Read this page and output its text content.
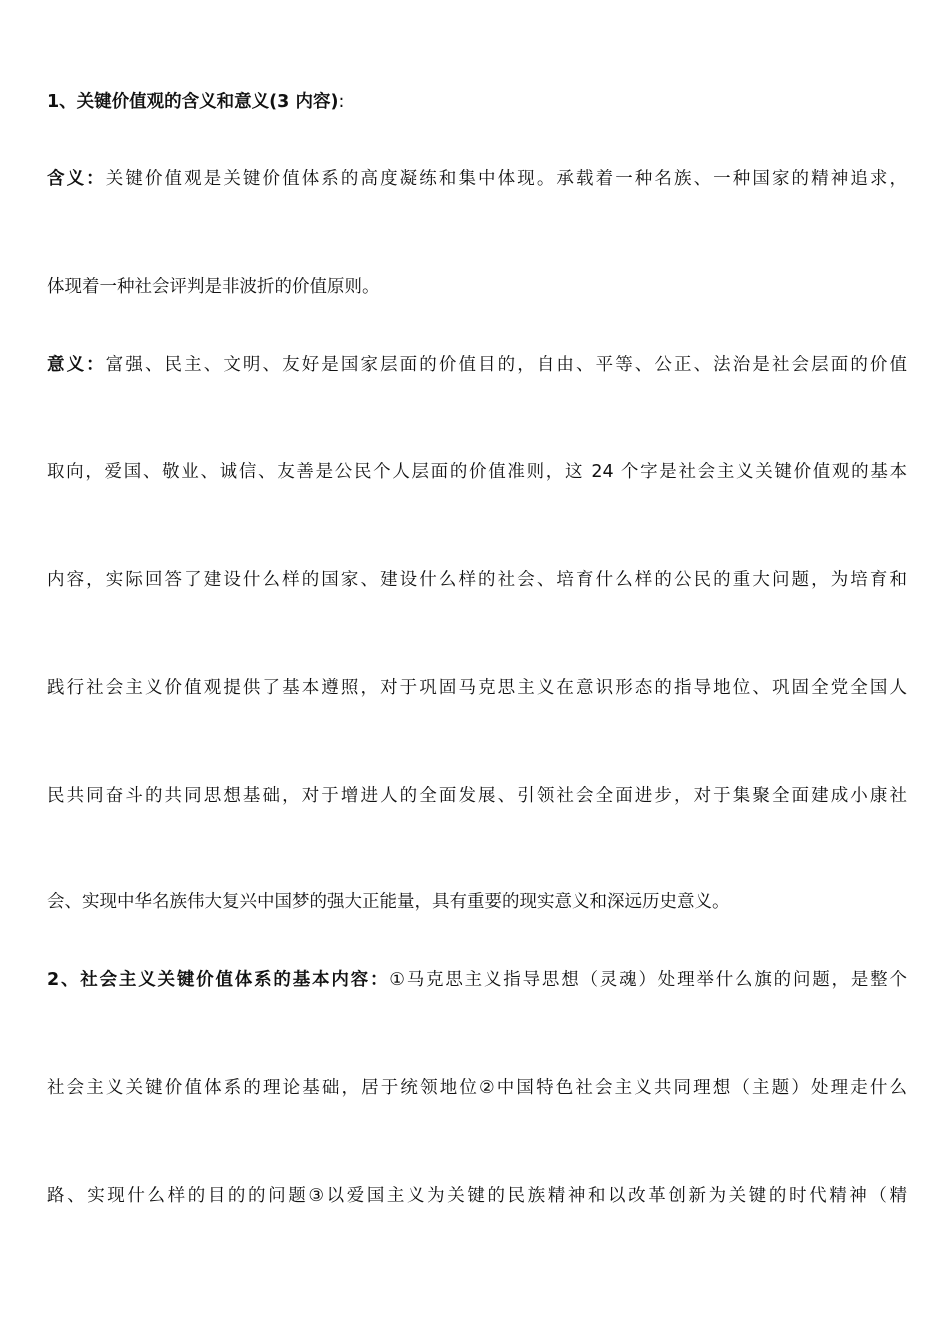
1、关键价值观的含义和意义(3 内容):
含义：关键价值观是关键价值体系的高度凝练和集中体现。承载着一种名族、一种国家的精神追求，
体现着一种社会评判是非波折的价值原则。
意义：富强、民主、文明、友好是国家层面的价值目的，自由、平等、公正、法治是社会层面的价值
取向，爱国、敬业、诚信、友善是公民个人层面的价值准则，这 24 个字是社会主义关键价值观的基本
内容，实际回答了建设什么样的国家、建设什么样的社会、培育什么样的公民的重大问题，为培育和
践行社会主义价值观提供了基本遵照，对于巩固马克思主义在意识形态的指导地位、巩固全党全国人
民共同奋斗的共同思想基础，对于增进人的全面发展、引领社会全面进步，对于集聚全面建成小康社
会、实现中华名族伟大复兴中国梦的强大正能量，具有重要的现实意义和深远历史意义。
2、社会主义关键价值体系的基本内容：①马克思主义指导思想（灵魂）处理举什么旗的问题，是整个
社会主义关键价值体系的理论基础，居于统领地位②中国特色社会主义共同理想（主题）处理走什么
路、实现什么样的目的的问题③以爱国主义为关键的民族精神和以改革创新为关键的时代精神（精
